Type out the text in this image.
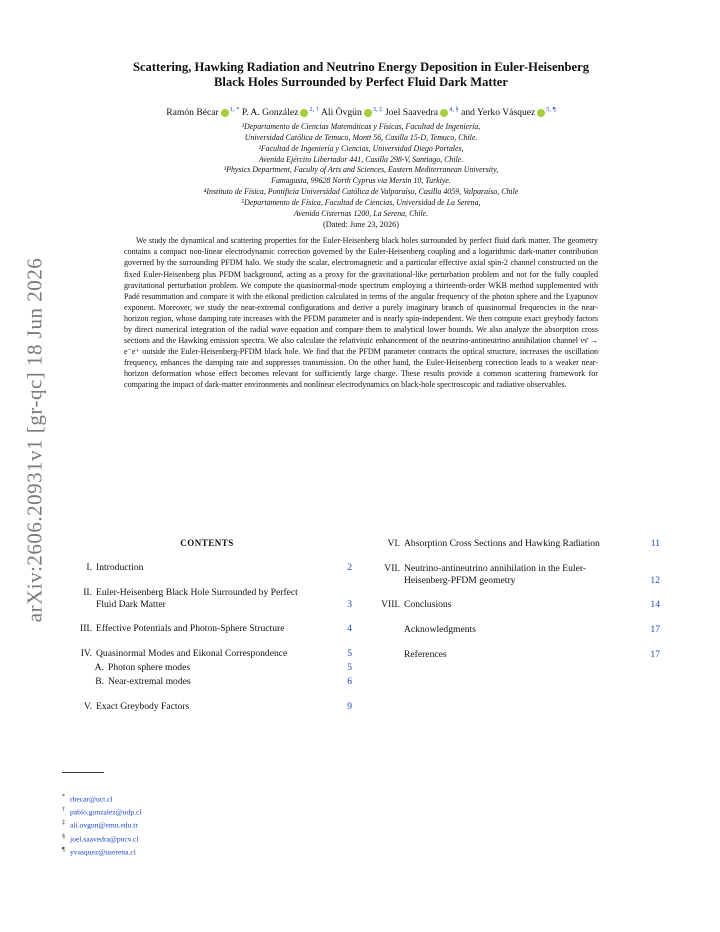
arXiv:2606.20931v1 [gr-qc] 18 Jun 2026
Scattering, Hawking Radiation and Neutrino Energy Deposition in Euler-Heisenberg
Black Holes Surrounded by Perfect Fluid Dark Matter
Ramón Bécar $^{1, *}$ P. A. González $^{2, \dagger}$ Ali Övgün $^{3, \ddagger}$ Joel Saavedra $^{4, \S}$ and Yerko Vásquez $^{5, \P}$
¹Departamento de Ciencias Matemáticas y Físicas, Facultad de Ingeniería,
Universidad Católica de Temuco, Montt 56, Casilla 15-D, Temuco, Chile.
²Facultad de Ingeniería y Ciencias, Universidad Diego Portales,
Avenida Ejército Libertador 441, Casilla 298-V, Santiago, Chile.
³Physics Department, Faculty of Arts and Sciences, Eastern Mediterranean University,
Famagusta, 99628 North Cyprus via Mersin 10, Turkiye.
⁴Instituto de Física, Pontificia Universidad Católica de Valparaíso, Casilla 4059, Valparaíso, Chile
⁵Departamento de Física, Facultad de Ciencias, Universidad de La Serena,
Avenida Cisternas 1200, La Serena, Chile.
(Dated: June 23, 2026)

We study the dynamical and scattering properties for the Euler-Heisenberg black holes surrounded by perfect fluid dark matter. The geometry contains a compact non-linear electrodynamic correction governed by the Euler-Heisenberg coupling and a logarithmic dark-matter contribution governed by the surrounding PFDM halo. We study the scalar, electromagnetic and a particular effective axial spin-2 channel constructed on the fixed Euler-Heisenberg plus PFDM background, acting as a proxy for the gravitational-like perturbation problem and not for the fully coupled gravitational perturbation problem. We compute the quasinormal-mode spectrum employing a thirteenth-order WKB method supplemented with Padé resummation and compare it with the eikonal prediction calculated in terms of the angular frequency of the photon sphere and the Lyapunov exponent. Moreover, we study the near-extremal configurations and derive a purely imaginary branch of quasinormal frequencies in the near-horizon region, whose damping rate increases with the PFDM parameter and is nearly spin-independent. We then compute exact greybody factors by direct numerical integration of the radial wave equation and compare them to analytical lower bounds. We also analyze the absorption cross sections and the Hawking emission spectra. We also calculate the relativistic enhancement of the neutrino-antineutrino annihilation channel νν̄ → e⁻e⁺ outside the Euler-Heisenberg-PFDM black hole. We find that the PFDM parameter contracts the optical structure, increases the oscillation frequency, enhances the damping rate and suppresses transmission. On the other hand, the Euler-Heisenberg correction leads to a weaker near-horizon deformation whose effect becomes relevant for sufficiently large charge. These results provide a common scattering framework for comparing the impact of dark-matter environments and nonlinear electrodynamics on black-hole spectroscopic and radiative observables.

CONTENTS
I. Introduction	2
II. Euler-Heisenberg Black Hole Surrounded by Perfect Fluid Dark Matter	3
III. Effective Potentials and Photon-Sphere Structure	4
IV. Quasinormal Modes and Eikonal Correspondence	5
A. Photon sphere modes	5
B. Near-extremal modes	6
V. Exact Greybody Factors	9
VI. Absorption Cross Sections and Hawking Radiation	11
VII. Neutrino-antineutrino annihilation in the Euler-Heisenberg-PFDM geometry	12
VIII. Conclusions	14
Acknowledgments	17
References	17
* rbecar@uct.cl
† pablo.gonzalez@udp.cl
‡ ali.ovgun@emu.edu.tr
§ joel.saavedra@pucv.cl
¶ yvasquez@userena.cl
